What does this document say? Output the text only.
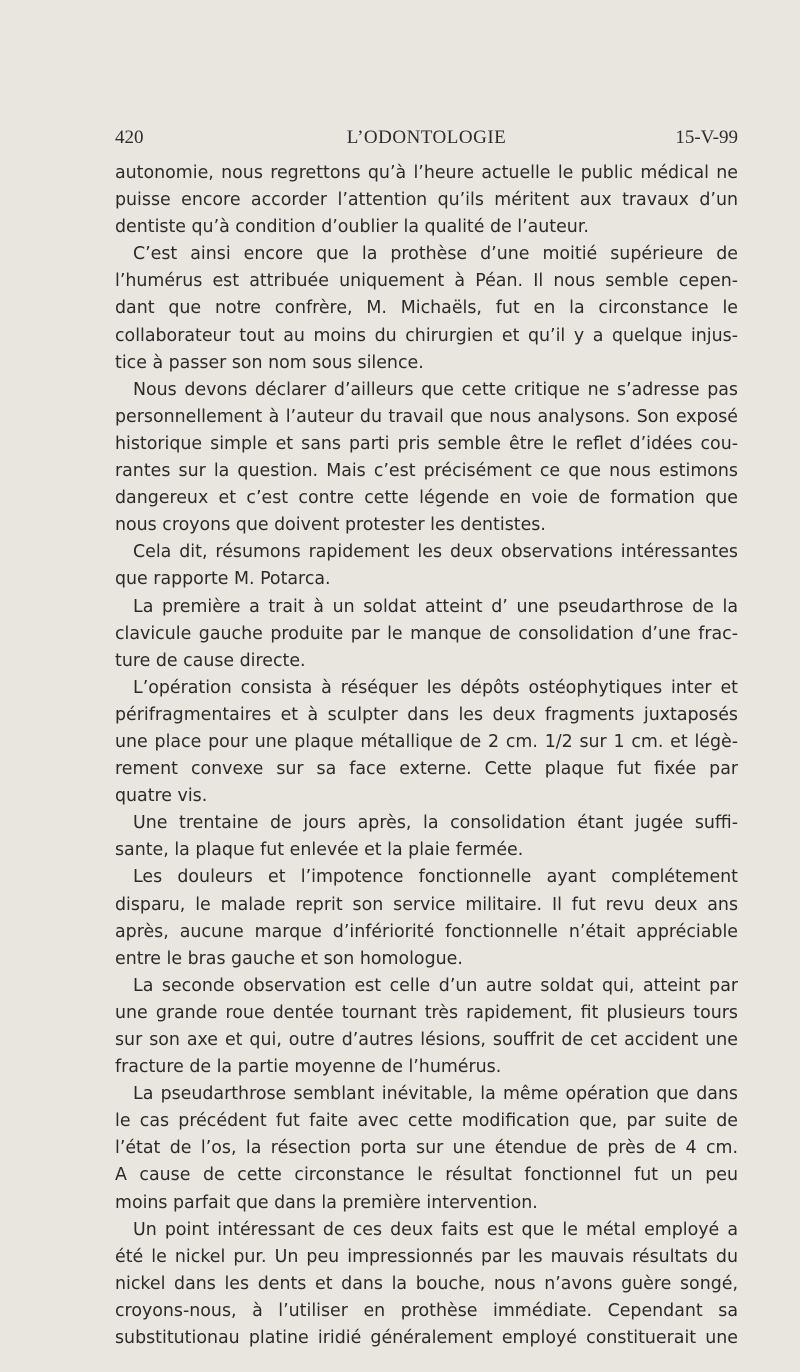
420	L’ODONTOLOGIE	15-V-99
autonomie, nous regrettons qu’à l’heure actuelle le public médical ne
puisse encore accorder l’attention qu’ils méritent aux travaux d’un
dentiste qu’à condition d’oublier la qualité de l’auteur.
C’est ainsi encore que la prothèse d’une moitié supérieure de
l’humérus est attribuée uniquement à Péan. Il nous semble cepen-
dant que notre confrère, M. Michaëls, fut en la circonstance le
collaborateur tout au moins du chirurgien et qu’il y a quelque injus-
tice à passer son nom sous silence.
Nous devons déclarer d’ailleurs que cette critique ne s’adresse pas
personnellement à l’auteur du travail que nous analysons. Son exposé
historique simple et sans parti pris semble être le reflet d’idées cou-
rantes sur la question. Mais c’est précisément ce que nous estimons
dangereux et c’est contre cette légende en voie de formation que
nous croyons que doivent protester les dentistes.
Cela dit, résumons rapidement les deux observations intéressantes
que rapporte M. Potarca.
La première a trait à un soldat atteint d’ une pseudarthrose de la
clavicule gauche produite par le manque de consolidation d’une frac-
ture de cause directe.
L’opération consista à réséquer les dépôts ostéophytiques inter et
périfragmentaires et à sculpter dans les deux fragments juxtaposés
une place pour une plaque métallique de 2 cm. 1/2 sur 1 cm. et légè-
rement convexe sur sa face externe. Cette plaque fut fixée par
quatre vis.
Une trentaine de jours après, la consolidation étant jugée suffi-
sante, la plaque fut enlevée et la plaie fermée.
Les douleurs et l’impotence fonctionnelle ayant complétement
disparu, le malade reprit son service militaire. Il fut revu deux ans
après, aucune marque d’infériorité fonctionnelle n’était appréciable
entre le bras gauche et son homologue.
La seconde observation est celle d’un autre soldat qui, atteint par
une grande roue dentée tournant très rapidement, fit plusieurs tours
sur son axe et qui, outre d’autres lésions, souffrit de cet accident une
fracture de la partie moyenne de l’humérus.
La pseudarthrose semblant inévitable, la même opération que dans
le cas précédent fut faite avec cette modification que, par suite de
l’état de l’os, la résection porta sur une étendue de près de 4 cm.
A cause de cette circonstance le résultat fonctionnel fut un peu
moins parfait que dans la première intervention.
Un point intéressant de ces deux faits est que le métal employé a
été le nickel pur. Un peu impressionnés par les mauvais résultats du
nickel dans les dents et dans la bouche, nous n’avons guère songé,
croyons-nous, à l’utiliser en prothèse immédiate. Cependant sa
substitutionau platine iridié généralement employé constituerait une
